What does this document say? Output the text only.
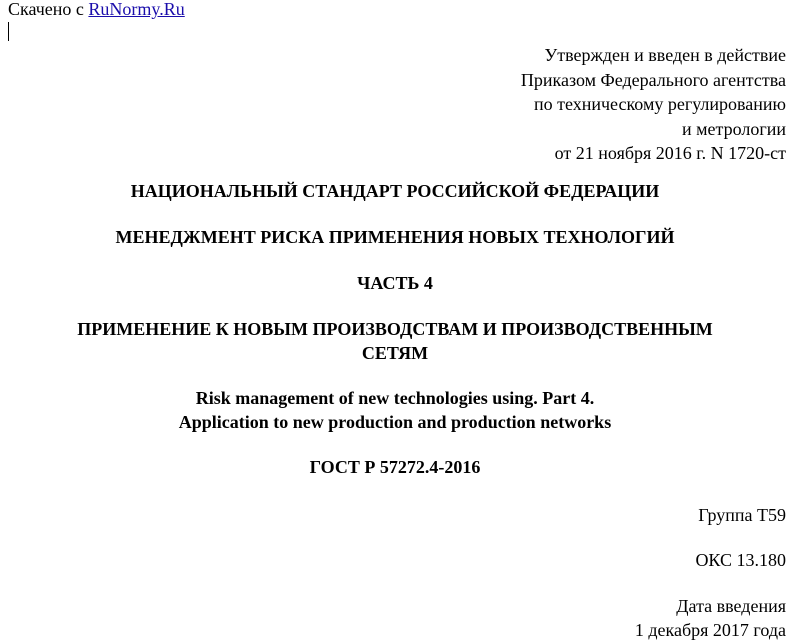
Скачено с RuNormy.Ru
Утвержден и введен в действие
Приказом Федерального агентства
по техническому регулированию
и метрологии
от 21 ноября 2016 г. N 1720-ст
НАЦИОНАЛЬНЫЙ СТАНДАРТ РОССИЙСКОЙ ФЕДЕРАЦИИ
МЕНЕДЖМЕНТ РИСКА ПРИМЕНЕНИЯ НОВЫХ ТЕХНОЛОГИЙ
ЧАСТЬ 4
ПРИМЕНЕНИЕ К НОВЫМ ПРОИЗВОДСТВАМ И ПРОИЗВОДСТВЕННЫМ
СЕТЯМ
Risk management of new technologies using. Part 4.
Application to new production and production networks
ГОСТ Р 57272.4-2016
Группа Т59
ОКС 13.180
Дата введения
1 декабря 2017 года
